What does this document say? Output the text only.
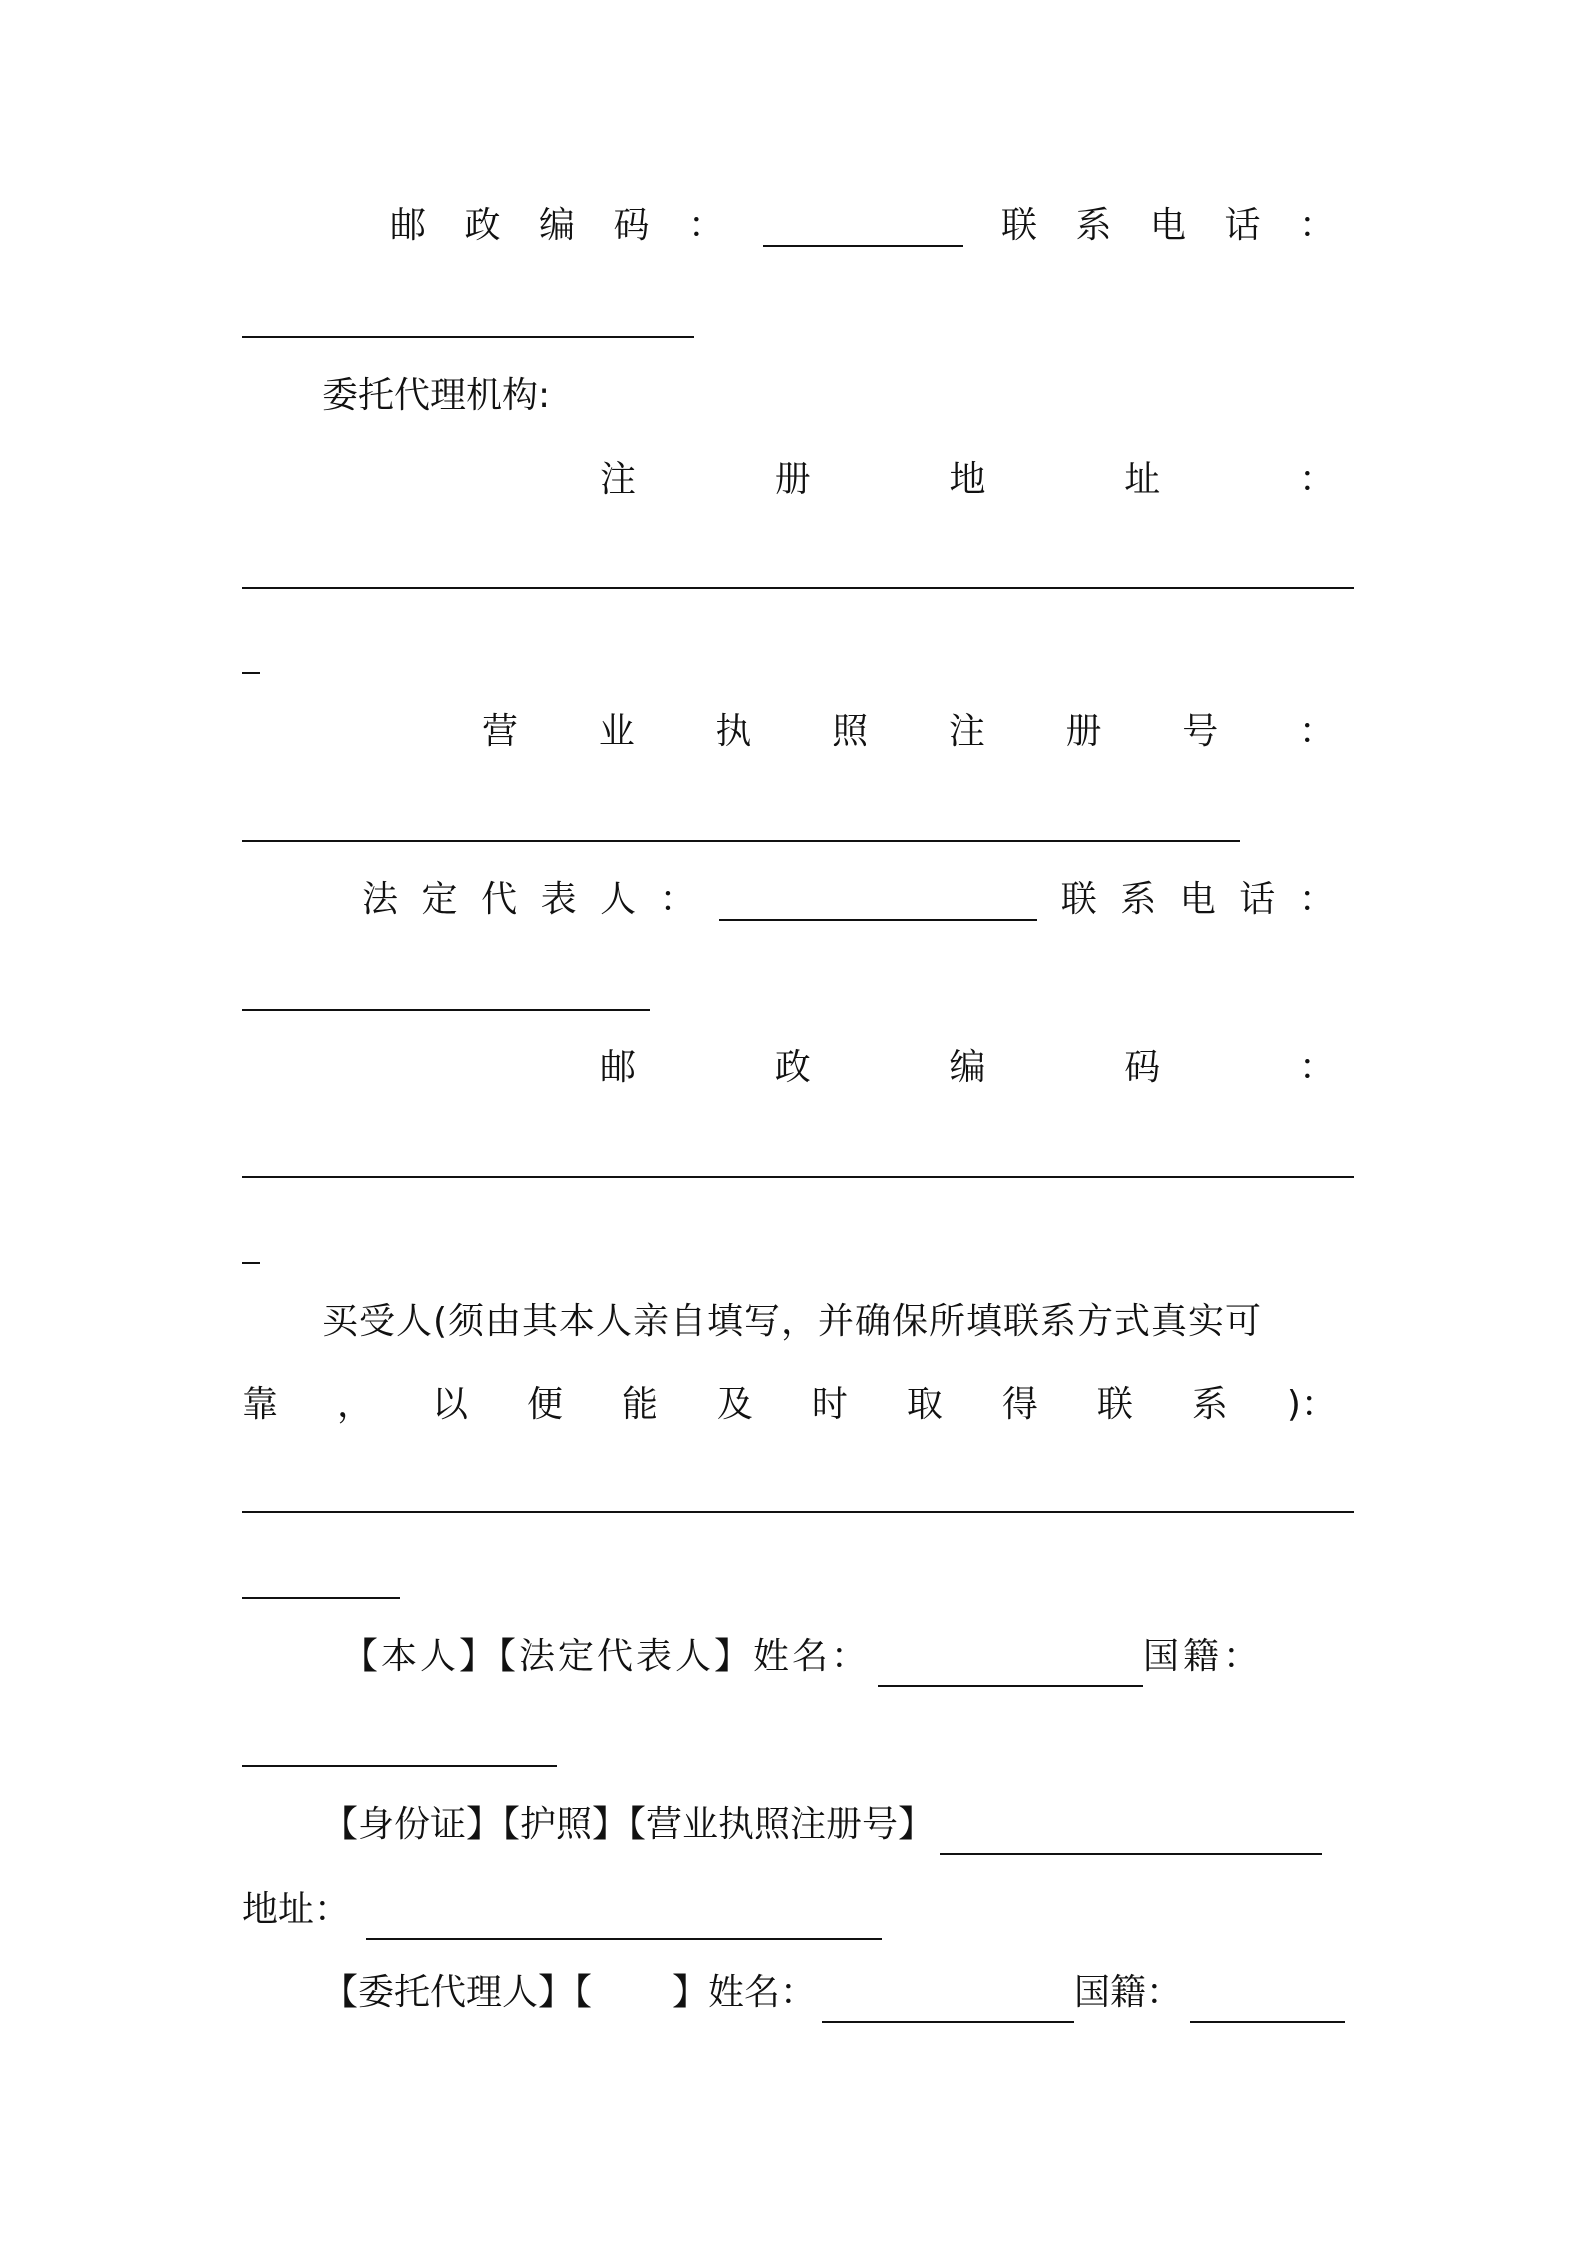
邮 政 编 码 ：	联 系 电 话 ：
委托代理机构:
注	册	地	址	：
营 业 执 照 注 册 号 ：
法 定 代 表 人 ：	联 系 电 话 ：
邮	政	编	码	：
买受人(须由其本人亲自填写，并确保所填联系方式真实可
靠 ， 以 便 能 及 时 取 得 联 系 )：
【本人】【法定代表人】姓名：	国籍：
【身份证】【护照】【营业执照注册号】
地址：
【委托代理人】【 】姓名：	国籍：
